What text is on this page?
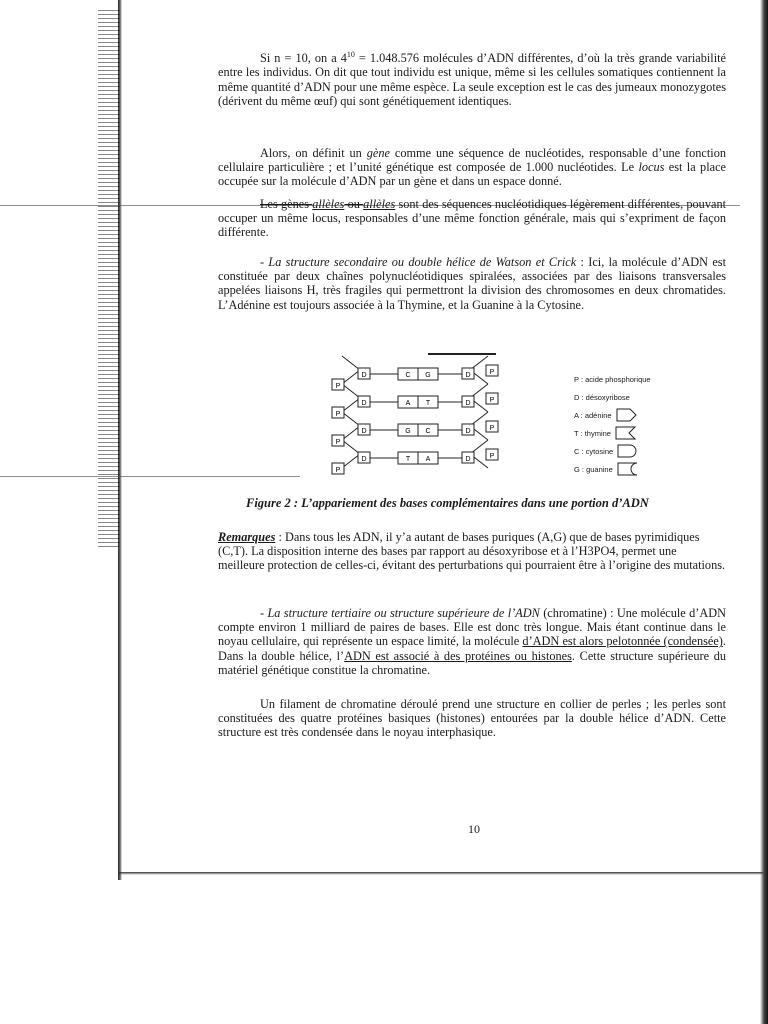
Si n = 10, on a $4^{10} = 1.048.576$ molécules d’ADN différentes, d’où la très grande variabilité entre les individus. On dit que tout individu est unique, même si les cellules somatiques contiennent la même quantité d’ADN pour une même espèce. La seule exception est le cas des jumeaux monozygotes (dérivent du même œuf) qui sont génétiquement identiques.

Alors, on définit un gène comme une séquence de nucléotides, responsable d’une fonction cellulaire particulière ; et l’unité génétique est composée de 1.000 nucléotides. Le locus est la place occupée sur la molécule d’ADN par un gène et dans un espace donné.

Les gènes allèles ou allèles sont des séquences nucléotidiques légèrement différentes, pouvant occuper un même locus, responsables d’une même fonction générale, mais qui s’expriment de façon différente.

- La structure secondaire ou double hélice de Watson et Crick : Ici, la molécule d’ADN est constituée par deux chaînes polynucléotidiques spiralées, associées par des liaisons transversales appelées liaisons H, très fragiles qui permettront la division des chromosomes en deux chromatides. L’Adénine est toujours associée à la Thymine, et la Guanine à la Cytosine.

P
P
P
P
P
P
P
P
D
D
D
D
D
D
D
D
C G
A T
G C
T A
P : acide phosphorique
D : désoxyribose
A : adénine
T : thymine
C : cytosine
G : guanine
Figure 2 : L’appariement des bases complémentaires dans une portion d’ADN

Remarques : Dans tous les ADN, il y’a autant de bases puriques (A,G) que de bases pyrimidiques (C,T). La disposition interne des bases par rapport au désoxyribose et à l’H3PO4, permet une meilleure protection de celles-ci, évitant des perturbations qui pourraient être à l’origine des mutations.

- La structure tertiaire ou structure supérieure de l’ADN (chromatine) : Une molécule d’ADN compte environ 1 milliard de paires de bases. Elle est donc très longue. Mais étant continue dans le noyau cellulaire, qui représente un espace limité, la molécule d’ADN est alors pelotonnée (condensée). Dans la double hélice, l’ADN est associé à des protéines ou histones. Cette structure supérieure du matériel génétique constitue la chromatine.

Un filament de chromatine déroulé prend une structure en collier de perles ; les perles sont constituées des quatre protéines basiques (histones) entourées par la double hélice d’ADN. Cette structure est très condensée dans le noyau interphasique.

10
